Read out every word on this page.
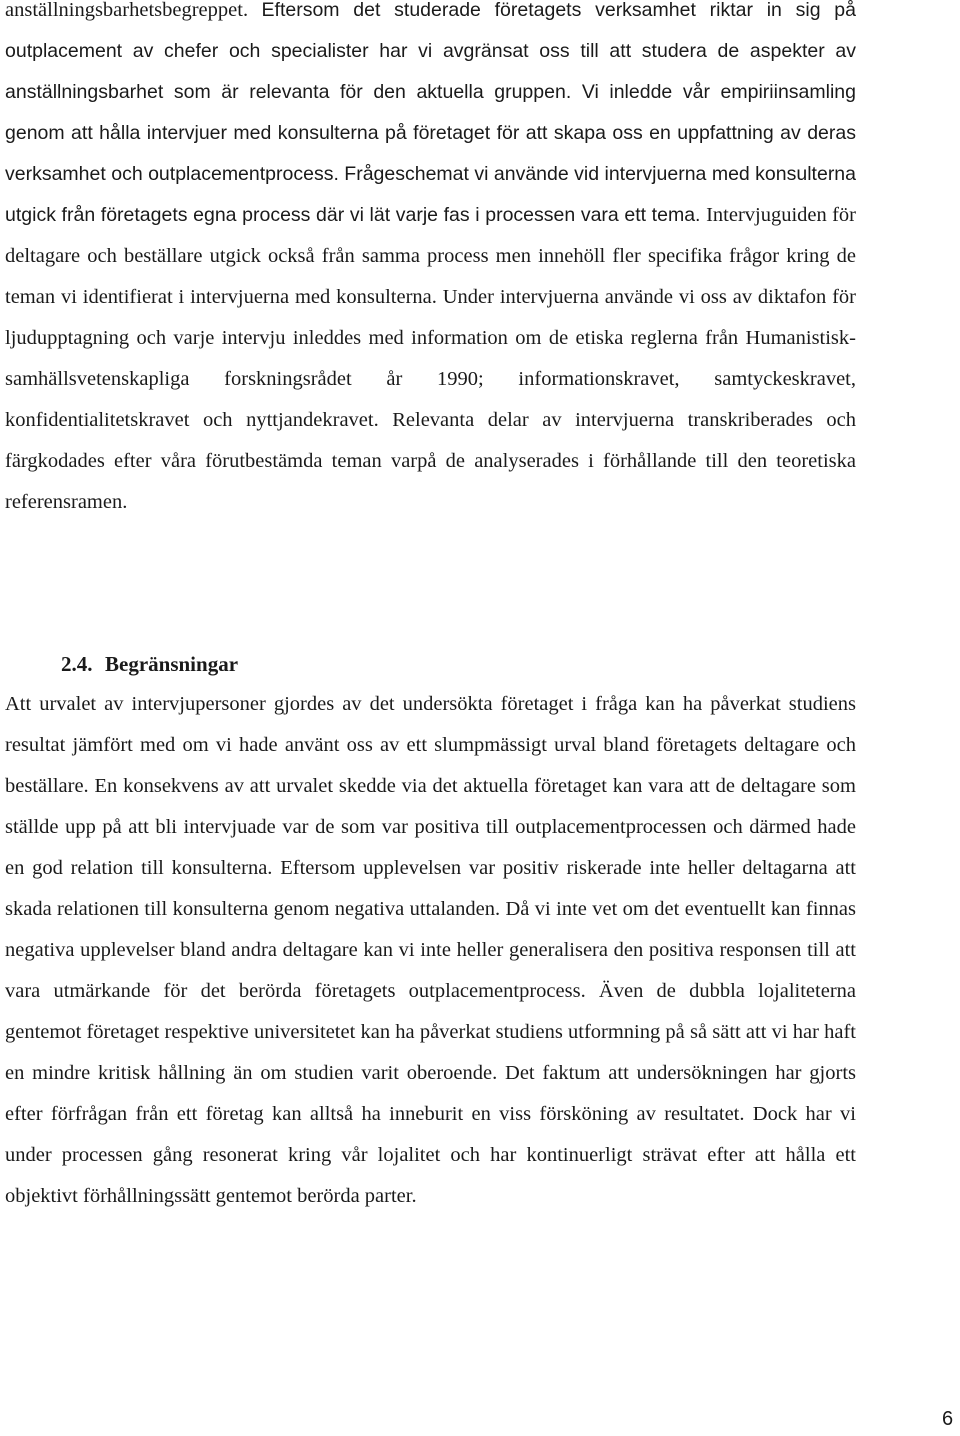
anställningsbarhetsbegreppet. Eftersom det studerade företagets verksamhet riktar in sig på outplacement av chefer och specialister har vi avgränsat oss till att studera de aspekter av anställningsbarhet som är relevanta för den aktuella gruppen. Vi inledde vår empiriinsamling genom att hålla intervjuer med konsulterna på företaget för att skapa oss en uppfattning av deras verksamhet och outplacementprocess. Frågeschemat vi använde vid intervjuerna med konsulterna utgick från företagets egna process där vi lät varje fas i processen vara ett tema. Intervjuguiden för deltagare och beställare utgick också från samma process men innehöll fler specifika frågor kring de teman vi identifierat i intervjuerna med konsulterna. Under intervjuerna använde vi oss av diktafon för ljudupptagning och varje intervju inleddes med information om de etiska reglerna från Humanistisk-samhällsvetenskapliga forskningsrådet år 1990; informationskravet, samtyckeskravet, konfidentialitetskravet och nyttjandekravet. Relevanta delar av intervjuerna transkriberades och färgkodades efter våra förutbestämda teman varpå de analyserades i förhållande till den teoretiska referensramen.

2.4. Begränsningar

Att urvalet av intervjupersoner gjordes av det undersökta företaget i fråga kan ha påverkat studiens resultat jämfört med om vi hade använt oss av ett slumpmässigt urval bland företagets deltagare och beställare. En konsekvens av att urvalet skedde via det aktuella företaget kan vara att de deltagare som ställde upp på att bli intervjuade var de som var positiva till outplacementprocessen och därmed hade en god relation till konsulterna. Eftersom upplevelsen var positiv riskerade inte heller deltagarna att skada relationen till konsulterna genom negativa uttalanden. Då vi inte vet om det eventuellt kan finnas negativa upplevelser bland andra deltagare kan vi inte heller generalisera den positiva responsen till att vara utmärkande för det berörda företagets outplacementprocess. Även de dubbla lojaliteterna gentemot företaget respektive universitetet kan ha påverkat studiens utformning på så sätt att vi har haft en mindre kritisk hållning än om studien varit oberoende. Det faktum att undersökningen har gjorts efter förfrågan från ett företag kan alltså ha inneburit en viss försköning av resultatet. Dock har vi under processen gång resonerat kring vår lojalitet och har kontinuerligt strävat efter att hålla ett objektivt förhållningssätt gentemot berörda parter.

6
